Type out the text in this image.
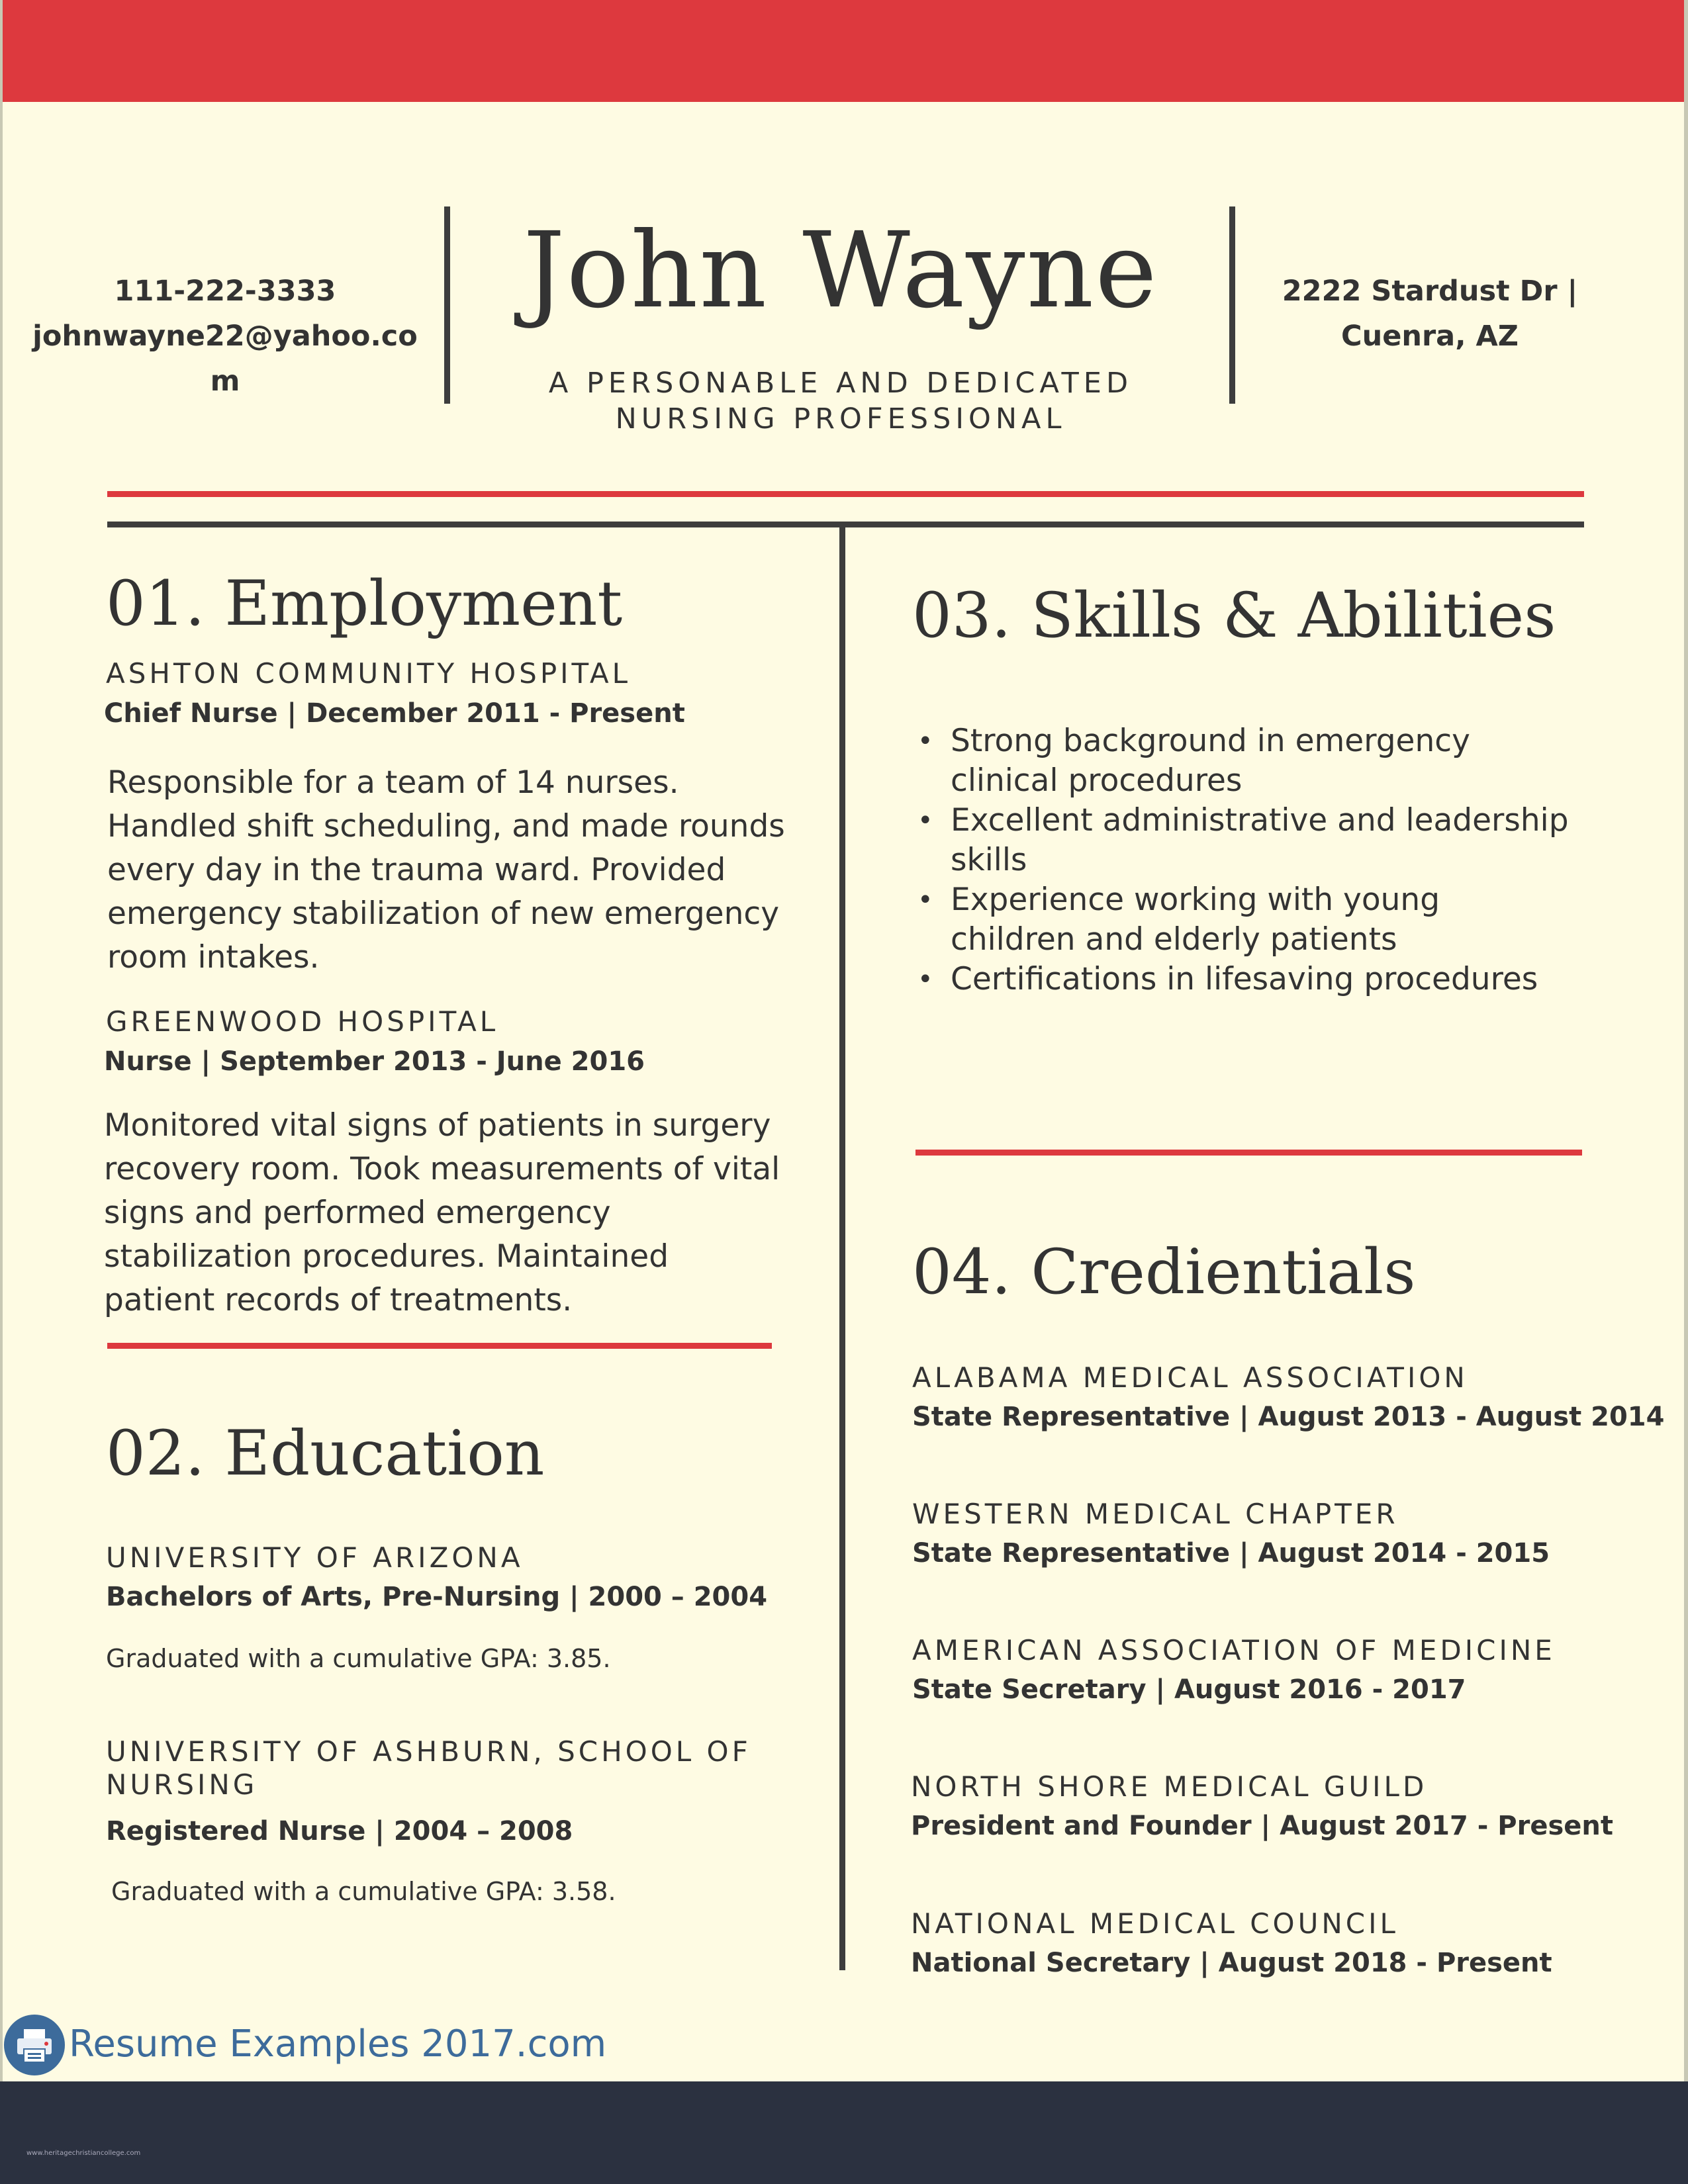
111-222-3333
johnwayne22@yahoo.co
m
John Wayne
A PERSONABLE AND DEDICATED
NURSING PROFESSIONAL
2222 Stardust Dr |
Cuenra, AZ
01. Employment
ASHTON COMMUNITY HOSPITAL
Chief Nurse | December 2011 - Present
Responsible for a team of 14 nurses.
Handled shift scheduling, and made rounds
every day in the trauma ward. Provided
emergency stabilization of new emergency
room intakes.
GREENWOOD HOSPITAL
Nurse | September 2013 - June 2016
Monitored vital signs of patients in surgery
recovery room. Took measurements of vital
signs and performed emergency
stabilization procedures. Maintained
patient records of treatments.
02. Education
UNIVERSITY OF ARIZONA
Bachelors of Arts, Pre-Nursing | 2000 – 2004
Graduated with a cumulative GPA: 3.85.
UNIVERSITY OF ASHBURN, SCHOOL OF
NURSING
Registered Nurse | 2004 – 2008
Graduated with a cumulative GPA: 3.58.
03. Skills & Abilities
• Strong background in emergency clinical procedures
• Excellent administrative and leadership skills
• Experience working with young children and elderly patients
• Certifications in lifesaving procedures
04. Credientials
ALABAMA MEDICAL ASSOCIATION
State Representative | August 2013 - August 2014
WESTERN MEDICAL CHAPTER
State Representative | August 2014 - 2015
AMERICAN ASSOCIATION OF MEDICINE
State Secretary | August 2016 - 2017
NORTH SHORE MEDICAL GUILD
President and Founder | August 2017 - Present
NATIONAL MEDICAL COUNCIL
National Secretary | August 2018 - Present
Resume Examples 2017.com
www.heritagechristiancollege.com
